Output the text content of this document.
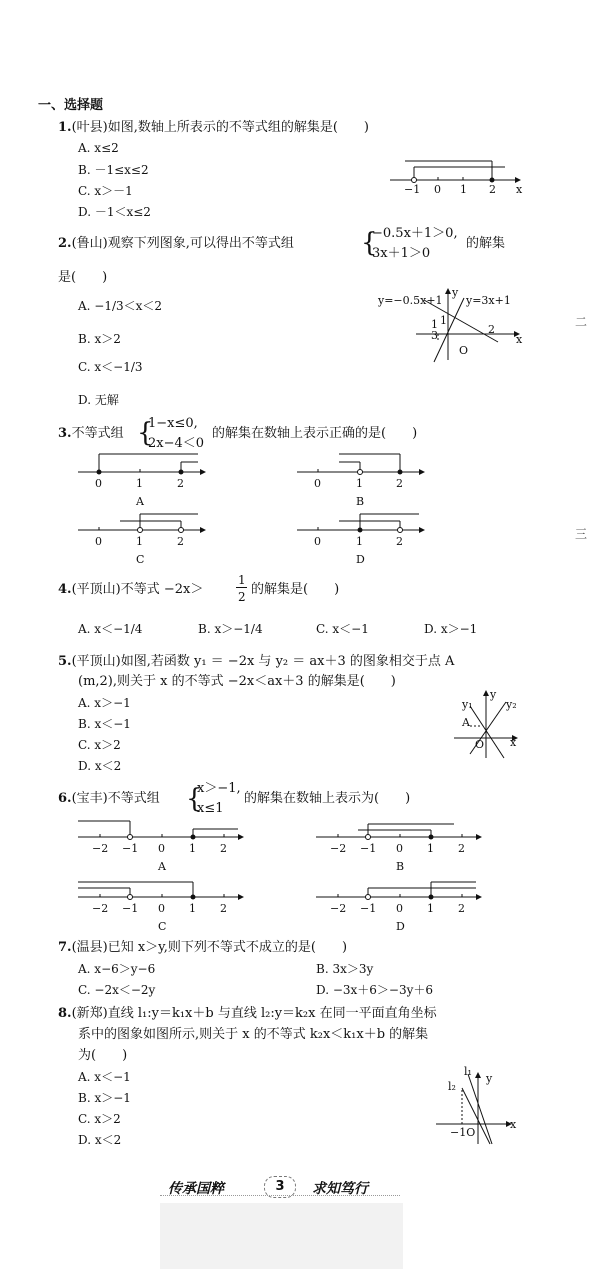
一、选择题
1.(叶县)如图,数轴上所表示的不等式组的解集是(　　)
A. x≤2
B. －1≤x≤2
C. x＞－1
D. －1＜x≤2
−1 0 1 2 x
2.(鲁山)观察下列图象,可以得出不等式组	{
−0.5x＋1＞0,
3x＋1＞0
的解集
是(　　)
A. −1/3＜x＜2
B. x＞2
C. x＜−1/3
D. 无解
y=−0.5x+1 y=3x+1
y
x
1
1
3	2
O
3.不等式组 {
1−x≤0,
2x−4＜0
的解集在数轴上表示正确的是(　　)
0	1	2
A
0	1	2
B
0	1	2
C
0	1	2
D
4.(平顶山)不等式 −2x＞
1
2 的解集是(　　)
A. x＜−1/4	B. x＞−1/4	C. x＜−1	D. x＞−1
5.(平顶山)如图,若函数 y₁ ＝ −2x 与 y₂ ＝ ax＋3 的图象相交于点 A
(m,2),则关于 x 的不等式 −2x＜ax＋3 的解集是(　　)
A. x＞−1
B. x＜−1
C. x＞2
D. x＜2
y₁	y₂
y
A
O x
6.(宝丰)不等式组 {
x＞−1,
x≤1
的解集在数轴上表示为(　　)
−2 −1 0 1 2
A
−2 −1 0 1 2
B
−2 −1 0 1 2
C
−2 −1 0 1 2
D
7.(温县)已知 x＞y,则下列不等式不成立的是(　　)
A. x−6＞y−6	B. 3x＞3y
C. −2x＜−2y	D. −3x＋6＞−3y＋6
8.(新郑)直线 l₁:y＝k₁x＋b 与直线 l₂:y＝k₂x 在同一平面直角坐标
系中的图象如图所示,则关于 x 的不等式 k₂x＜k₁x＋b 的解集
为(　　)
A. x＜−1
B. x＞−1
C. x＞2
D. x＜2
l₁
l₂
y
x
−1O
传承国粹	3	求知笃行
二
三
